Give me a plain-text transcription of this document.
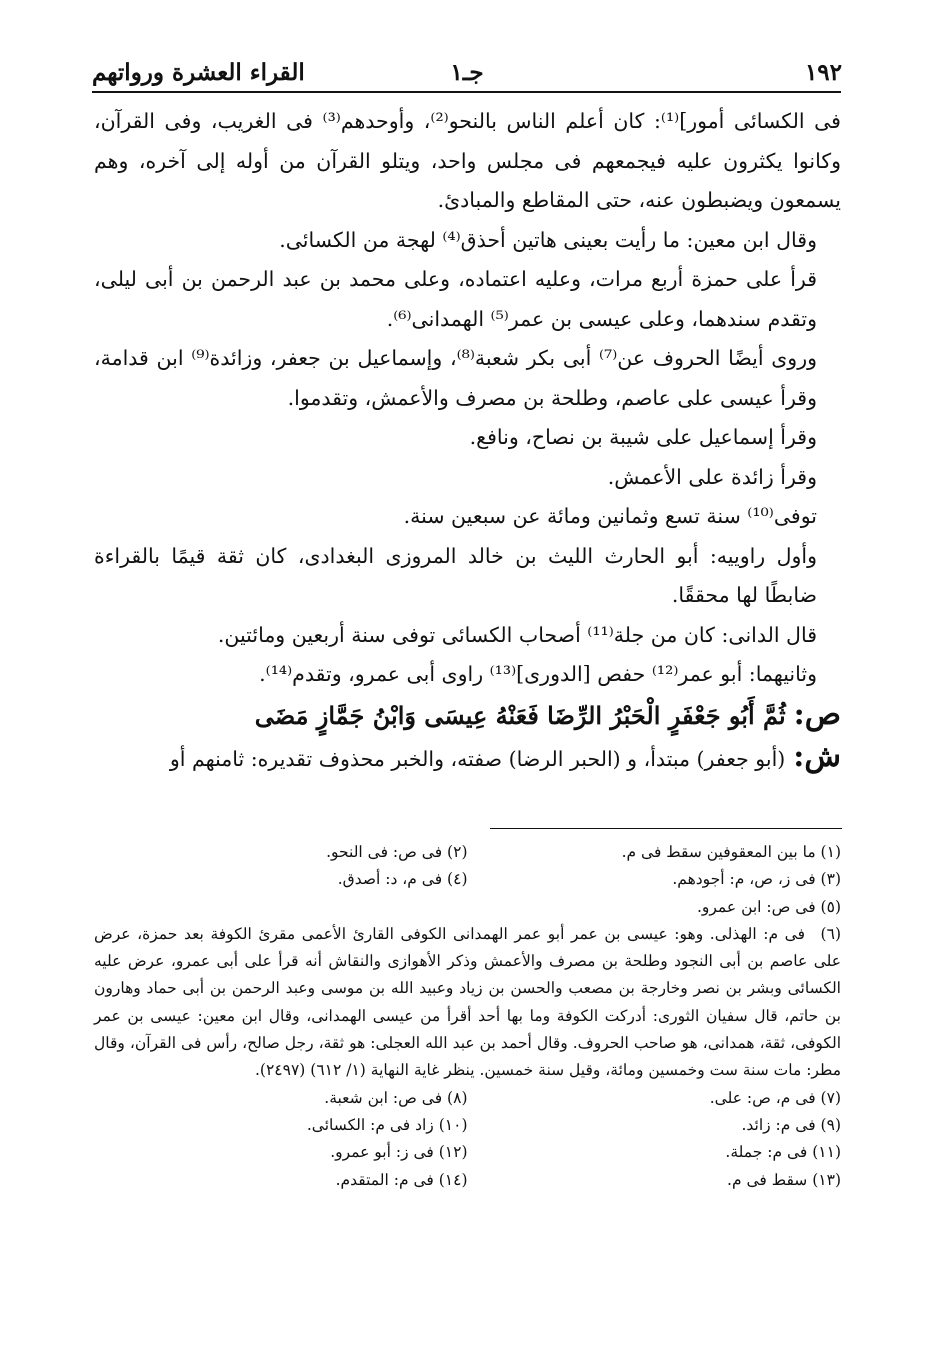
١٩٢
جـ١
القراء العشرة ورواتهم

فى الكسائى أمور]⁽¹⁾: كان أعلم الناس بالنحو⁽²⁾، وأوحدهم⁽³⁾ فى الغريب، وفى القرآن، وكانوا يكثرون عليه فيجمعهم فى مجلس واحد، ويتلو القرآن من أوله إلى آخره، وهم يسمعون ويضبطون عنه، حتى المقاطع والمبادئ.

وقال ابن معين: ما رأيت بعينى هاتين أحذق⁽⁴⁾ لهجة من الكسائى.

قرأ على حمزة أربع مرات، وعليه اعتماده، وعلى محمد بن عبد الرحمن بن أبى ليلى، وتقدم سندهما، وعلى عيسى بن عمر⁽⁵⁾ الهمدانى⁽⁶⁾.

وروى أيضًا الحروف عن⁽⁷⁾ أبى بكر شعبة⁽⁸⁾، وإسماعيل بن جعفر، وزائدة⁽⁹⁾ ابن قدامة، وقرأ عيسى على عاصم، وطلحة بن مصرف والأعمش، وتقدموا.

وقرأ إسماعيل على شيبة بن نصاح، ونافع.

وقرأ زائدة على الأعمش.

توفى⁽¹⁰⁾ سنة تسع وثمانين ومائة عن سبعين سنة.

وأول راوييه: أبو الحارث الليث بن خالد المروزى البغدادى، كان ثقة قيمًا بالقراءة ضابطًا لها محققًا.

قال الدانى: كان من جلة⁽¹¹⁾ أصحاب الكسائى توفى سنة أربعين ومائتين.

وثانيهما: أبو عمر⁽¹²⁾ حفص [الدورى]⁽¹³⁾ راوى أبى عمرو، وتقدم⁽¹⁴⁾.

ص:ثُمَّ أَبُو جَعْفَرٍ الْحَبْرُ الرِّضَا فَعَنْهُ عِيسَى وَابْنُ جَمَّازٍ مَضَى

ش:(أبو جعفر) مبتدأ، و (الحبر الرضا) صفته، والخبر محذوف تقديره: ثامنهم أو

(١) ما بين المعقوفين سقط فى م.
(٢) فى ص: فى النحو.
(٣) فى ز، ص، م: أجودهم.
(٤) فى م، د: أصدق.
(٥) فى ص: ابن عمرو.
(٦)فى م: الهذلى. وهو: عيسى بن عمر أبو عمر الهمدانى الكوفى القارئ الأعمى مقرئ الكوفة بعد حمزة، عرض على عاصم بن أبى النجود وطلحة بن مصرف والأعمش وذكر الأهوازى والنقاش أنه قرأ على أبى عمرو، عرض عليه الكسائى وبشر بن نصر وخارجة بن مصعب والحسن بن زياد وعبيد الله بن موسى وعبد الرحمن بن أبى حماد وهارون بن حاتم، قال سفيان الثورى: أدركت الكوفة وما بها أحد أقرأ من عيسى الهمدانى، وقال ابن معين: عيسى بن عمر الكوفى، ثقة، همدانى، هو صاحب الحروف. وقال أحمد بن عبد الله العجلى: هو ثقة، رجل صالح، رأس فى القرآن، وقال مطر: مات سنة ست وخمسين ومائة، وقيل سنة خمسين. ينظر غاية النهاية (١/ ٦١٢) (٢٤٩٧).
(٧) فى م، ص: على.
(٨) فى ص: ابن شعبة.
(٩) فى م: زائد.
(١٠) زاد فى م: الكسائى.
(١١) فى م: جملة.
(١٢) فى ز: أبو عمرو.
(١٣) سقط فى م.
(١٤) فى م: المتقدم.
